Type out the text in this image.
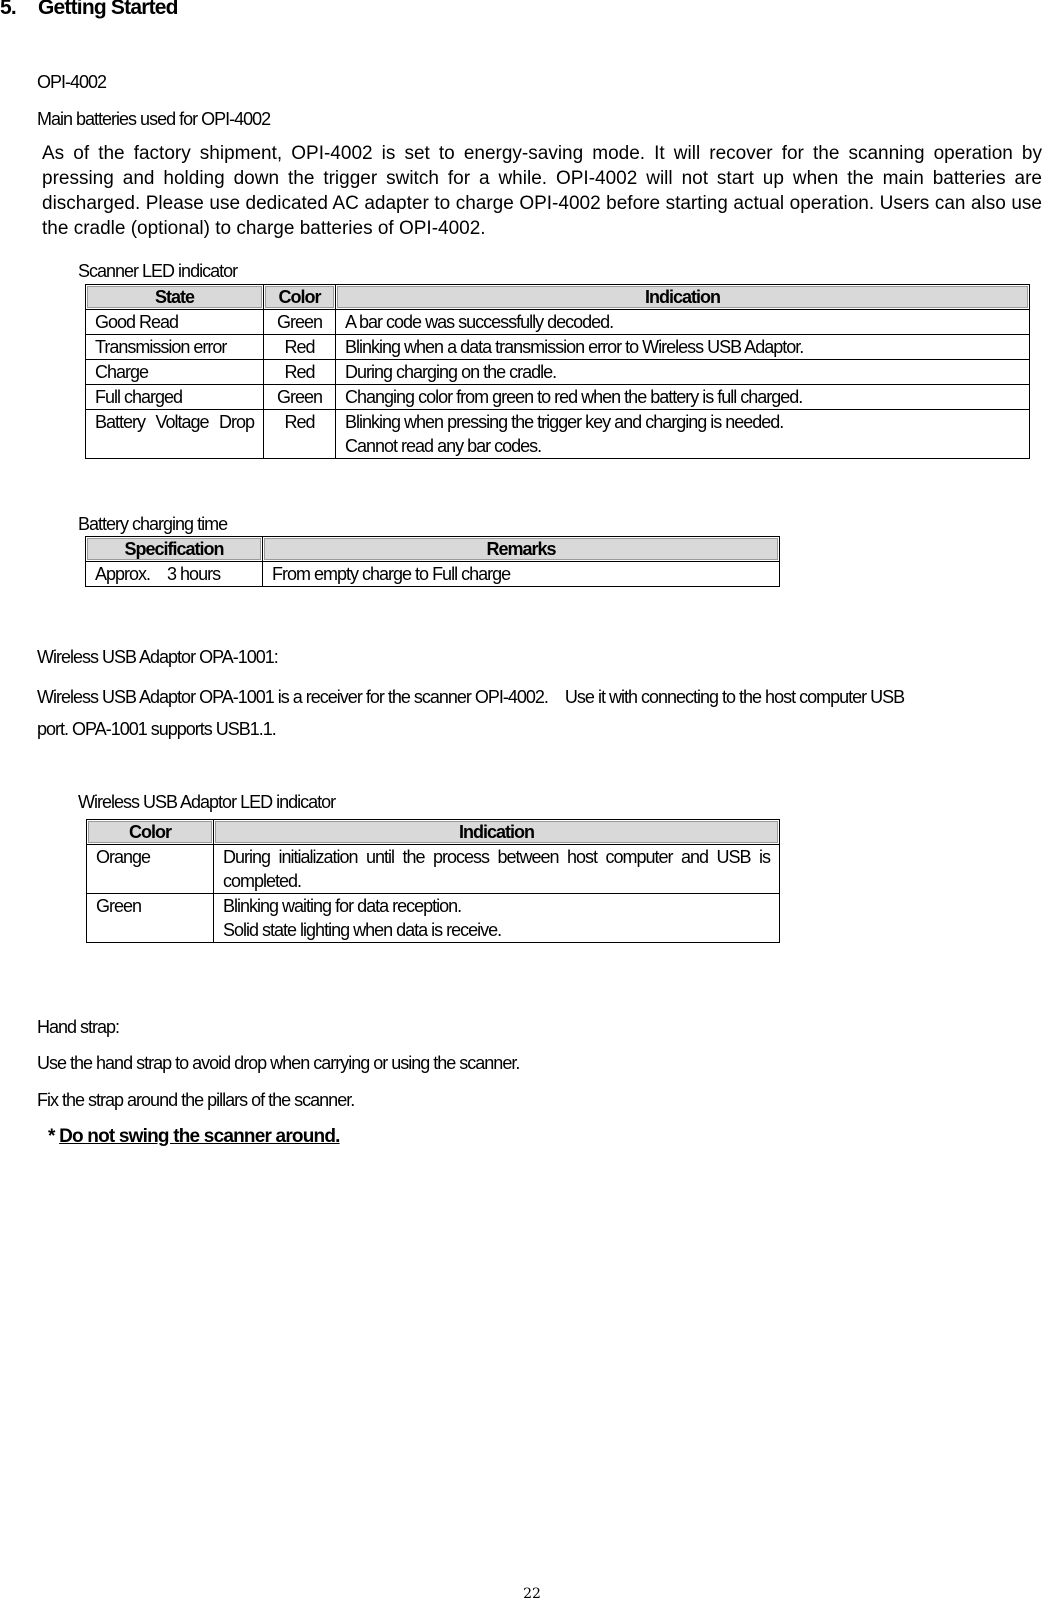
5. Getting Started
OPI-4002
Main batteries used for OPI-4002
As of the factory shipment, OPI-4002 is set to energy-saving mode. It will recover for the scanning operation by pressing and holding down the trigger switch for a while. OPI-4002 will not start up when the main batteries are discharged. Please use dedicated AC adapter to charge OPI-4002 before starting actual operation. Users can also use the cradle (optional) to charge batteries of OPI-4002.
Scanner LED indicator
State	Color	Indication
Good Read	Green	A bar code was successfully decoded.
Transmission error	Red	Blinking when a data transmission error to Wireless USB Adaptor.
Charge	Red	During charging on the cradle.
Full charged	Green	Changing color from green to red when the battery is full charged.
Battery Voltage Drop	Red	Blinking when pressing the trigger key and charging is needed.
Cannot read any bar codes.
Battery charging time
Specification	Remarks
Approx.　3 hours	From empty charge to Full charge
Wireless USB Adaptor OPA-1001:
Wireless USB Adaptor OPA-1001 is a receiver for the scanner OPI-4002.　Use it with connecting to the host computer USB
port. OPA-1001 supports USB1.1.
Wireless USB Adaptor LED indicator
Color	Indication
Orange	During initialization until the process between host computer and USB is completed.
Green	Blinking waiting for data reception.
Solid state lighting when data is receive.
Hand strap:
Use the hand strap to avoid drop when carrying or using the scanner.
Fix the strap around the pillars of the scanner.
* Do not swing the scanner around.
22
